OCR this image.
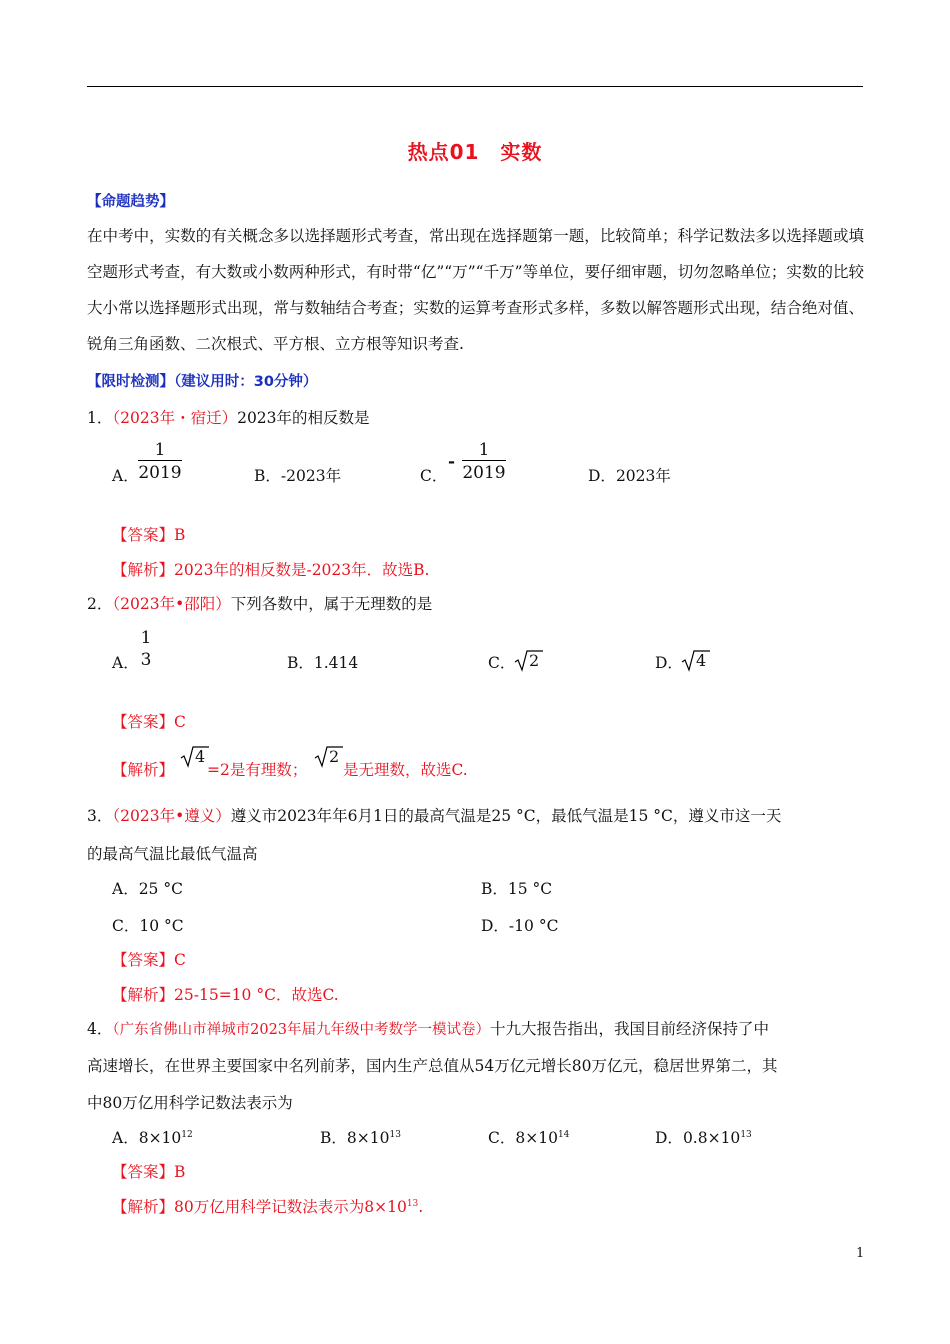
热点01　实数
【命题趋势】
在中考中，实数的有关概念多以选择题形式考查，常出现在选择题第一题，比较简单；科学记数法多以选择题或填空题形式考查，有大数或小数两种形式，有时带“亿”“万”“千万”等单位，要仔细审题，切勿忽略单位；实数的比较大小常以选择题形式出现，常与数轴结合考查；实数的运算考查形式多样，多数以解答题形式出现，结合绝对值、锐角三角函数、二次根式、平方根、立方根等知识考查.
【限时检测】（建议用时：30分钟）
1．（2023年・宿迁）2023年的相反数是
A． $\frac{1}{2019}$	B．-2023年	C．
- $\frac{1}{2019}$	D．2023年
【答案】B
【解析】2023年的相反数是-2023年．故选B.
2．（2023年•邵阳）下列各数中，属于无理数的是
A．
1
3	B．1.414	C． 2	D． 4
【答案】C
【解析】
4
=2是有理数；
2
是无理数，故选C.
3．（2023年•遵义）遵义市2023年年6月1日的最高气温是25 °C，最低气温是15 °C，遵义市这一天
的最高气温比最低气温高
A．25 °C	B．15 °C
C．10 °C	D．-10 °C
【答案】C
【解析】25-15=10 °C．故选C.
4．（广东省佛山市禅城市2023年届九年级中考数学一模试卷）十九大报告指出，我国目前经济保持了中
高速增长，在世界主要国家中名列前茅，国内生产总值从54万亿元增长80万亿元，稳居世界第二，其
中80万亿用科学记数法表示为
A．$8\times 10^{12}$	B．$8\times 10^{13}$	C．$8\times 10^{14}$	D．$0.8\times 10^{13}$
【答案】B
【解析】80万亿用科学记数法表示为$8\times 10^{13}$.
1
